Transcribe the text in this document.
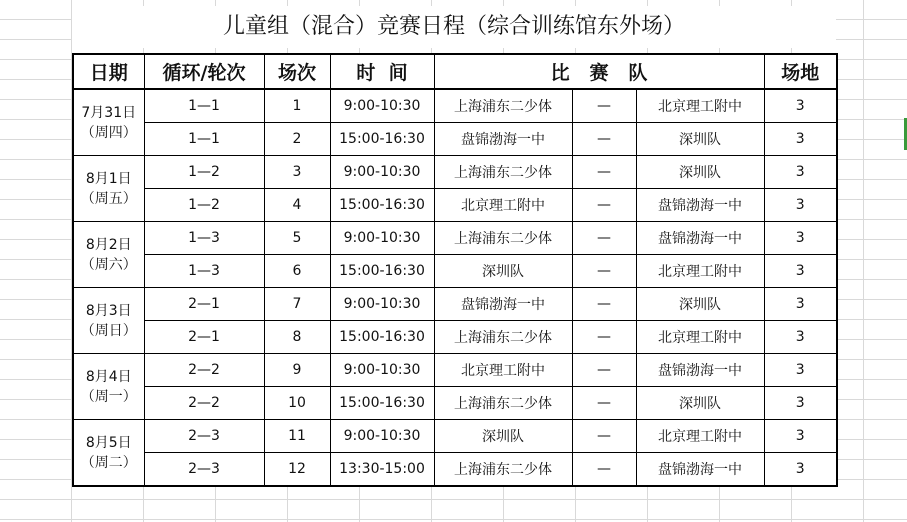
儿童组（混合）竞赛日程（综合训练馆东外场）
日期	循环/轮次	场次	时  间	比   赛   队			场地

7月31日
（周四）	1—1	1	9:00-10:30	上海浦东二少体	—	北京理工附中	3
	1—1	2	15:00-16:30	盘锦渤海一中	—	深圳队	3

8月1日
（周五）	1—2	3	9:00-10:30	上海浦东二少体	—	深圳队	3
	1—2	4	15:00-16:30	北京理工附中	—	盘锦渤海一中	3

8月2日
（周六）	1—3	5	9:00-10:30	上海浦东二少体	—	盘锦渤海一中	3
	1—3	6	15:00-16:30	深圳队	—	北京理工附中	3

8月3日
（周日）	2—1	7	9:00-10:30	盘锦渤海一中	—	深圳队	3
	2—1	8	15:00-16:30	上海浦东二少体	—	北京理工附中	3

8月4日
（周一）	2—2	9	9:00-10:30	北京理工附中	—	盘锦渤海一中	3
	2—2	10	15:00-16:30	上海浦东二少体	—	深圳队	3

8月5日
（周二）	2—3	11	9:00-10:30	深圳队	—	北京理工附中	3
	2—3	12	13:30-15:00	上海浦东二少体	—	盘锦渤海一中	3
